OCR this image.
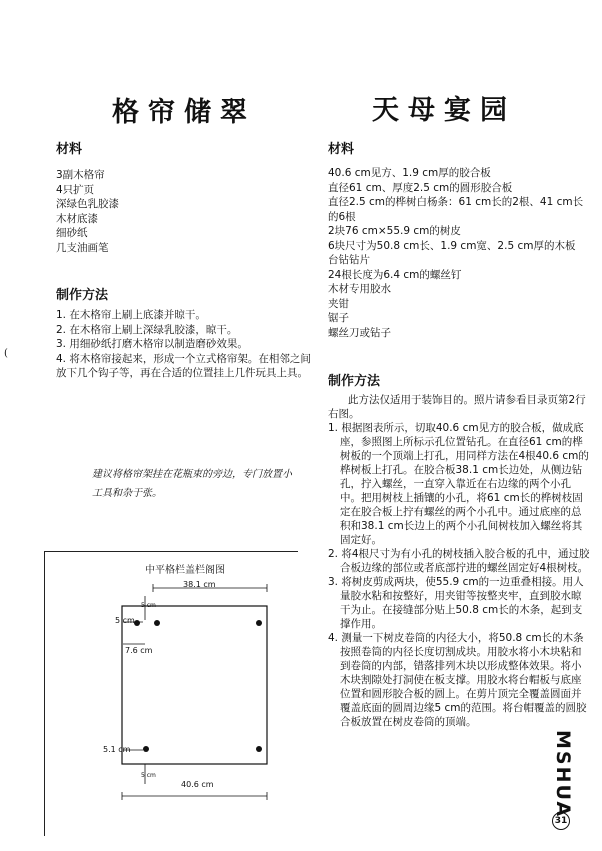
格帘储翠	天母宴园
(
材料
3副木格帘
4只扩页
深绿色乳胶漆
木材底漆
细砂纸
几支油画笔
制作方法
1. 在木格帘上刷上底漆并晾干。
2. 在木格帘上刷上深绿乳胶漆，晾干。
3. 用细砂纸打磨木格帘以制造磨砂效果。
4. 将木格帘接起来，形成一个立式格帘架。在相邻之间放下几个钩子等，再在合适的位置挂上几件玩具上具。
建议将格帘架挂在花瓶束的旁边，专门放置小工具和杂于张。
中平格栏盖栏阁图
38.1 cm
5 cm
5 cm
7.6 cm
5.1 cm
5 cm
40.6 cm
材料
40.6 cm见方、1.9 cm厚的胶合板
直径61 cm、厚度2.5 cm的圆形胶合板
直径2.5 cm的桦树白杨条：61 cm长的2根、41 cm长的6根
2块76 cm×55.9 cm的树皮
6块尺寸为50.8 cm长、1.9 cm宽、2.5 cm厚的木板
台钻钻片
24根长度为6.4 cm的螺丝钉
木材专用胶水
夹钳
锯子
螺丝刀或钻子
制作方法
此方法仅适用于装饰目的。照片请参看目录页第2行右图。
1. 根据图表所示，切取40.6 cm见方的胶合板，做成底座，参照图上所标示孔位置钻孔。在直径61 cm的桦树板的一个顶端上打孔，用同样方法在4根40.6 cm的桦树板上打孔。在胶合板38.1 cm长边处，从侧边钻孔，拧入螺丝，一直穿入靠近在右边缘的两个小孔中。把用树枝上插镶的小孔，将61 cm长的桦树枝固定在胶合板上拧有螺丝的两个小孔中。通过底座的总积和38.1 cm长边上的两个小孔间树枝加入螺丝将其固定好。
2. 将4根尺寸为有小孔的树枝插入胶合板的孔中，通过胶合板边缘的部位或者底部拧进的螺丝固定好4根树枝。
3. 将树皮剪成两块，使55.9 cm的一边重叠相接。用人量胶水粘和按整好，用夹钳等按整夹牢，直到胶水晾干为止。在接缝部分贴上50.8 cm长的木条，起到支撑作用。
4. 测量一下树皮卷筒的内径大小，将50.8 cm长的木条按照卷筒的内径长度切割成块。用胶水将小木块粘和到卷筒的内部，错落排列木块以形成整体效果。将小木块割隙处打洞使在板支撑。用胶水将台帽板与底座位置和圆形胶合板的圆上。在剪片顶完全覆盖圆面并覆盖底面的圆周边缘5 cm的范围。将台帽覆盖的圆胶合板放置在树皮卷筒的顶端。
31
MSHUA
